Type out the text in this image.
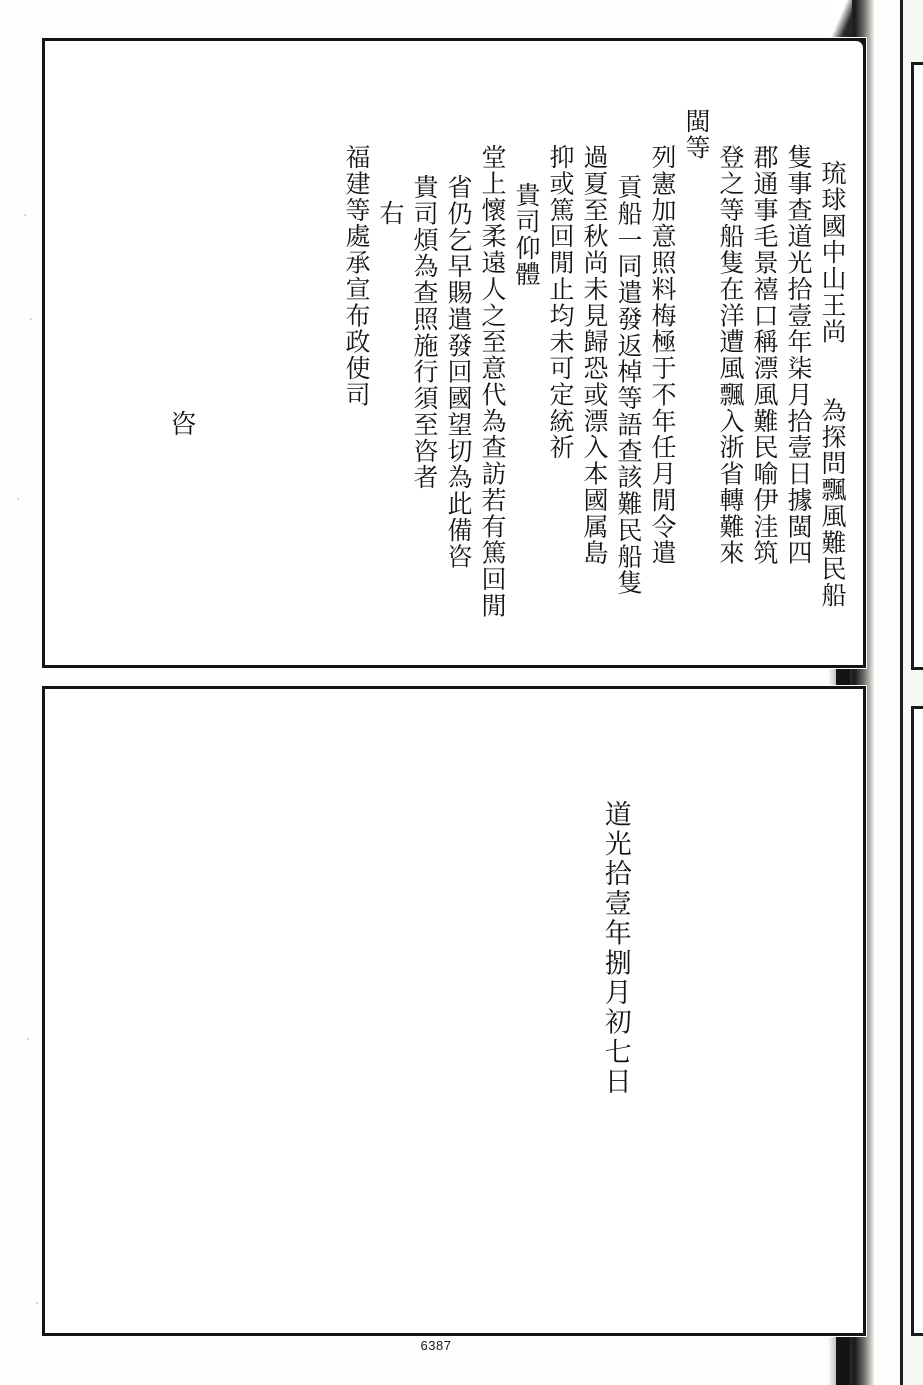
琉球國中山王尚　　為探問飄風難民船
隻事查道光拾壹年柒月拾壹日據閩四
郡通事毛景禧口稱漂風難民喻伊洼筑
登之等船隻在洋遭風飄入浙省轉難來
閩等
列憲加意照料梅極于不年任月閒令遣
貢船一同遣發返棹等語查該難民船隻
過夏至秋尚未見歸恐或漂入本國属島
抑或篤回閒止均未可定統祈
貴司仰體
堂上懷柔遠人之至意代為查訪若有篤回閒
省仍乞早賜遣發回國望切為此備咨
貴司煩為查照施行須至咨者
右
福建等處承宣布政使司
咨
道光拾壹年捌月初七日
6387
